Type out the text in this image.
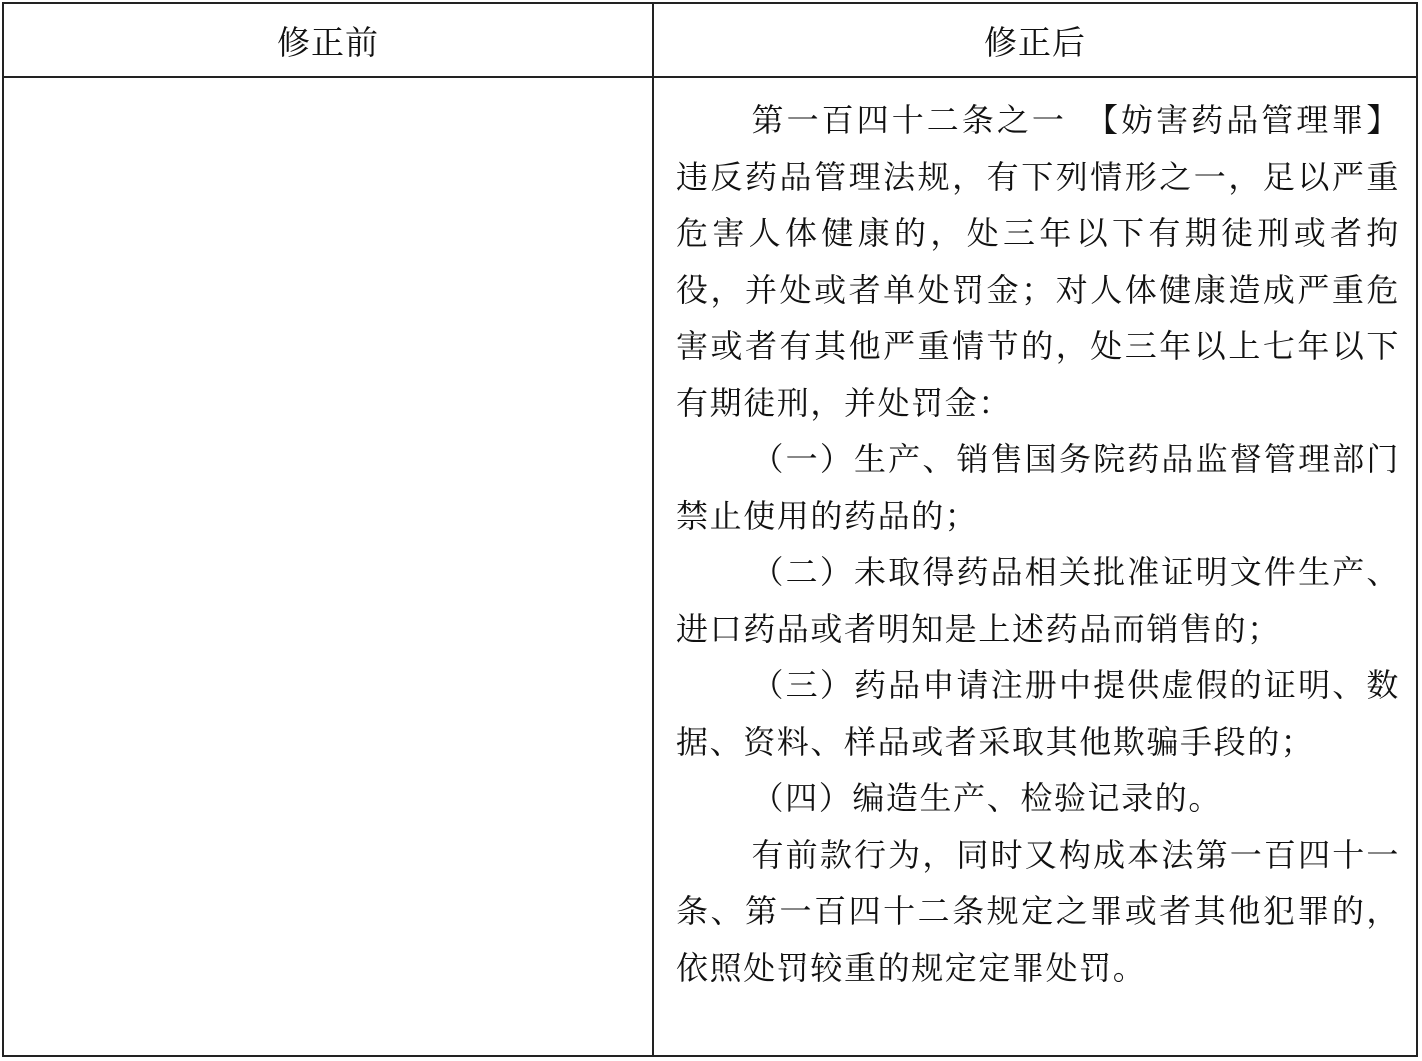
修正前	修正后

第一百四十二条之一　【妨害药品管理罪】违反药品管理法规，有下列情形之一，足以严重危害人体健康的，处三年以下有期徒刑或者拘役，并处或者单处罚金；对人体健康造成严重危害或者有其他严重情节的，处三年以上七年以下有期徒刑，并处罚金：

（一）生产、销售国务院药品监督管理部门禁止使用的药品的；

（二）未取得药品相关批准证明文件生产、进口药品或者明知是上述药品而销售的；

（三）药品申请注册中提供虚假的证明、数据、资料、样品或者采取其他欺骗手段的；

（四）编造生产、检验记录的。

有前款行为，同时又构成本法第一百四十一条、第一百四十二条规定之罪或者其他犯罪的，依照处罚较重的规定定罪处罚。
